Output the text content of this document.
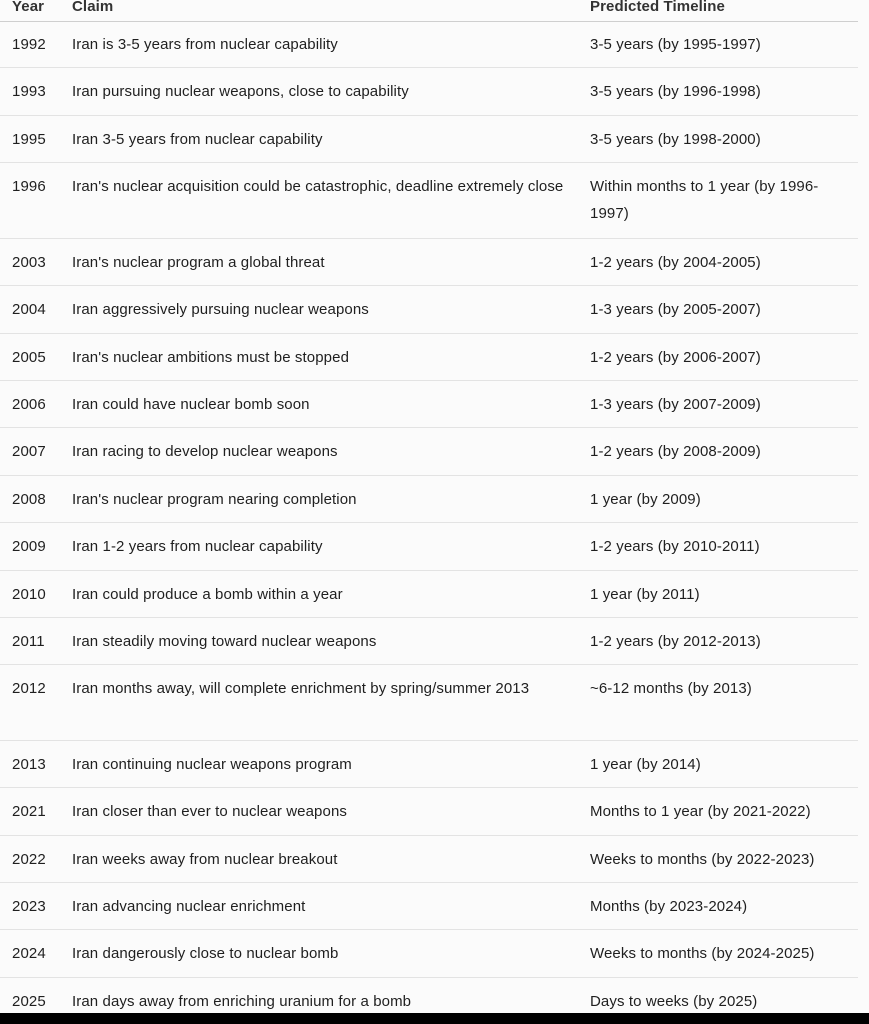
Year	Claim	Predicted Timeline
1992	Iran is 3-5 years from nuclear capability	3-5 years (by 1995-1997)
1993	Iran pursuing nuclear weapons, close to capability	3-5 years (by 1996-1998)
1995	Iran 3-5 years from nuclear capability	3-5 years (by 1998-2000)
1996	Iran's nuclear acquisition could be catastrophic, deadline extremely close	Within months to 1 year (by 1996-1997)
2003	Iran's nuclear program a global threat	1-2 years (by 2004-2005)
2004	Iran aggressively pursuing nuclear weapons	1-3 years (by 2005-2007)
2005	Iran's nuclear ambitions must be stopped	1-2 years (by 2006-2007)
2006	Iran could have nuclear bomb soon	1-3 years (by 2007-2009)
2007	Iran racing to develop nuclear weapons	1-2 years (by 2008-2009)
2008	Iran's nuclear program nearing completion	1 year (by 2009)
2009	Iran 1-2 years from nuclear capability	1-2 years (by 2010-2011)
2010	Iran could produce a bomb within a year	1 year (by 2011)
2011	Iran steadily moving toward nuclear weapons	1-2 years (by 2012-2013)
2012	Iran months away, will complete enrichment by spring/summer 2013	~6-12 months (by 2013)
2013	Iran continuing nuclear weapons program	1 year (by 2014)
2021	Iran closer than ever to nuclear weapons	Months to 1 year (by 2021-2022)
2022	Iran weeks away from nuclear breakout	Weeks to months (by 2022-2023)
2023	Iran advancing nuclear enrichment	Months (by 2023-2024)
2024	Iran dangerously close to nuclear bomb	Weeks to months (by 2024-2025)
2025	Iran days away from enriching uranium for a bomb	Days to weeks (by 2025)
